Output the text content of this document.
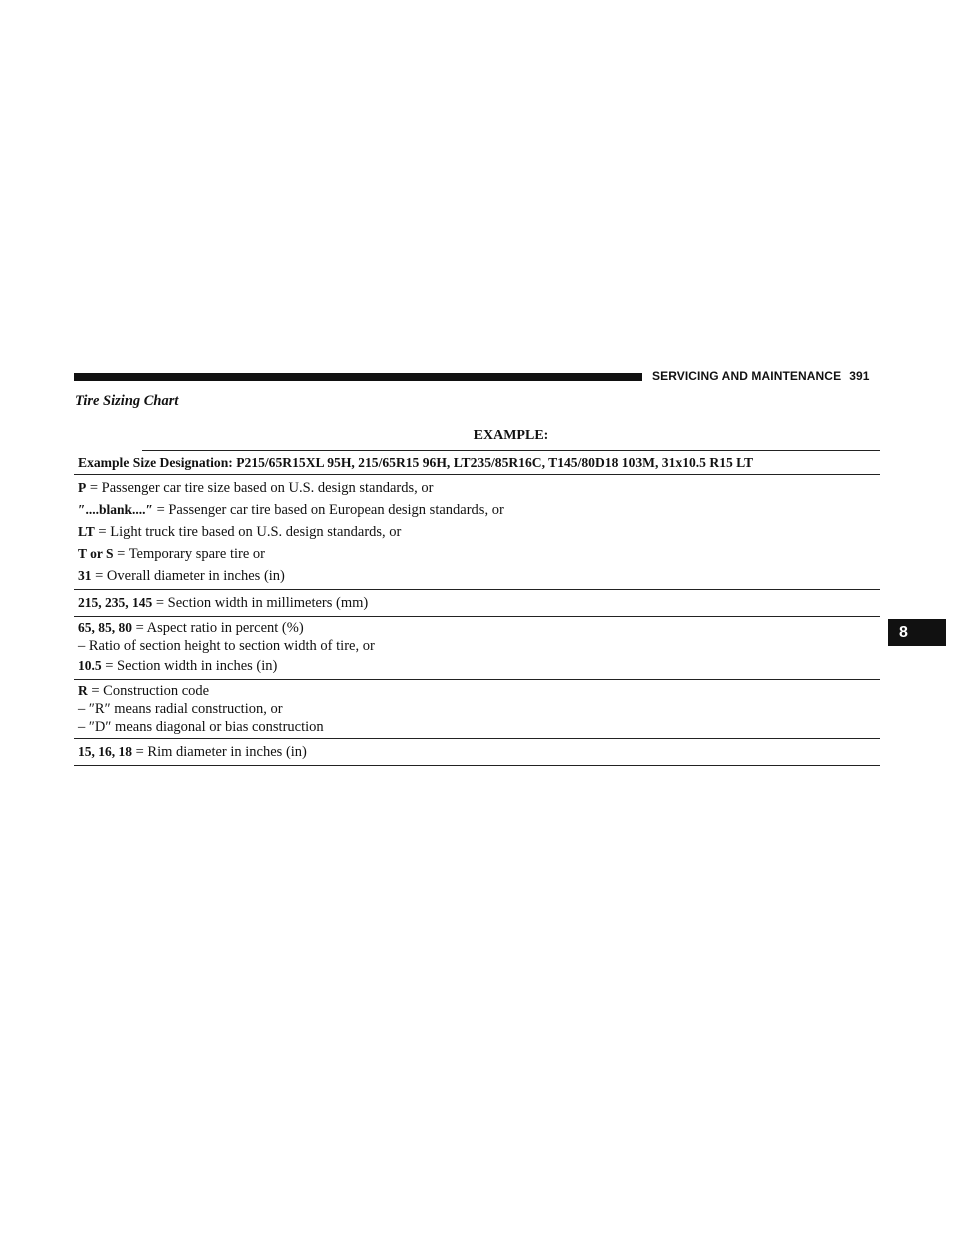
SERVICING AND MAINTENANCE 391
Tire Sizing Chart
EXAMPLE:
Example Size Designation: P215/65R15XL 95H, 215/65R15 96H, LT235/85R16C, T145/80D18 103M, 31x10.5 R15 LT
P = Passenger car tire size based on U.S. design standards, or
″....blank....″ = Passenger car tire based on European design standards, or
LT = Light truck tire based on U.S. design standards, or
T or S = Temporary spare tire or
31 = Overall diameter in inches (in)
215, 235, 145 = Section width in millimeters (mm)
65, 85, 80 = Aspect ratio in percent (%)
– Ratio of section height to section width of tire, or
10.5 = Section width in inches (in)
R = Construction code
– ″R″ means radial construction, or
– ″D″ means diagonal or bias construction
15, 16, 18 = Rim diameter in inches (in)
8
